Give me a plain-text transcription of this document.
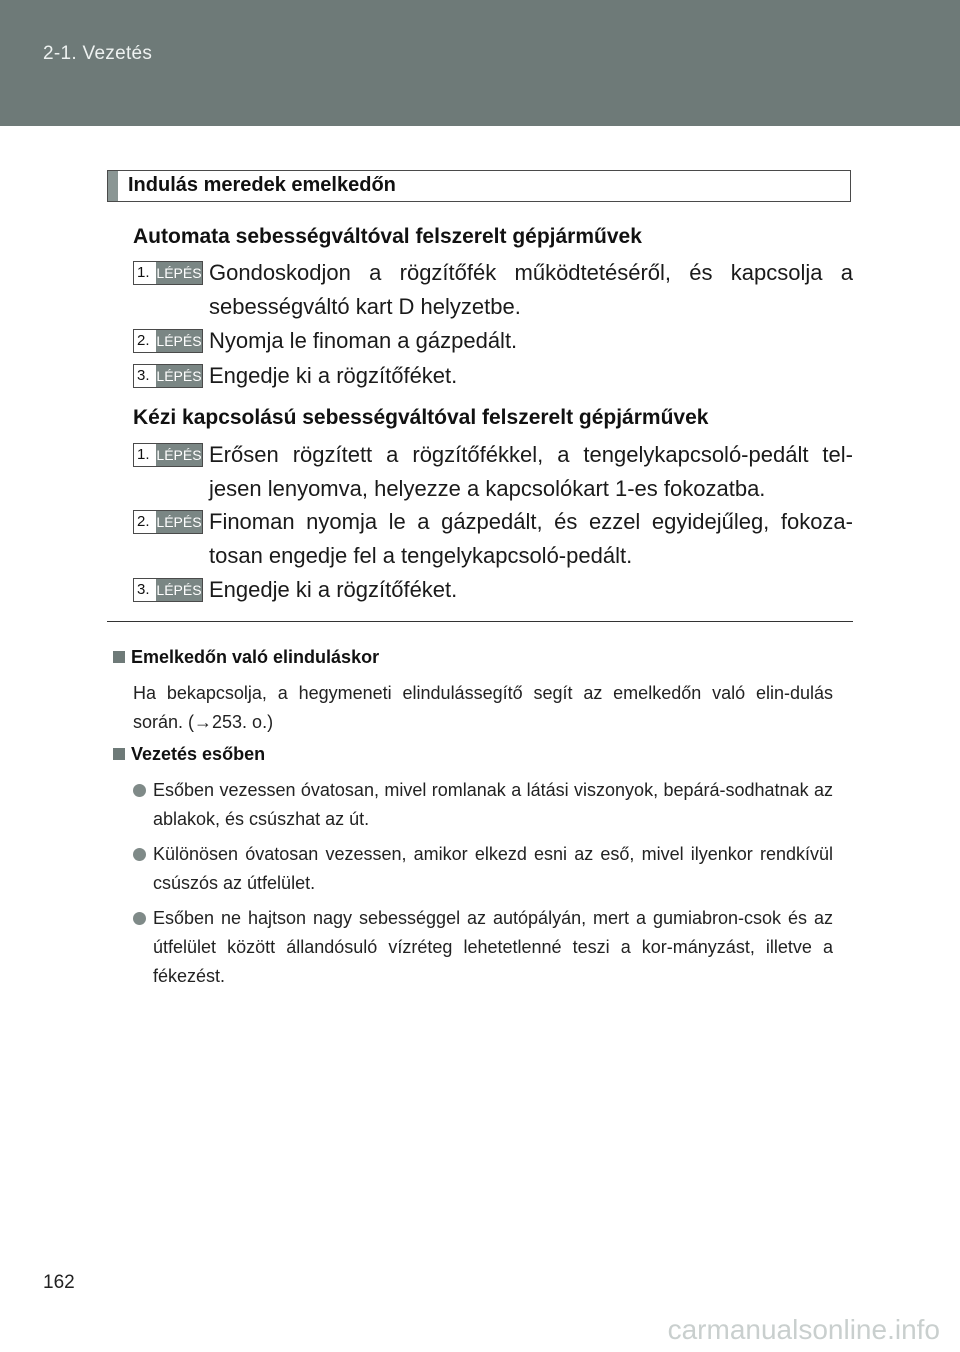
2-1. Vezetés
Indulás meredek emelkedőn
Automata sebességváltóval felszerelt gépjárművek
1. LÉPÉS Gondoskodjon a rögzítőfék működtetéséről, és kapcsolja a sebességváltó kart D helyzetbe.
2. LÉPÉS Nyomja le finoman a gázpedált.
3. LÉPÉS Engedje ki a rögzítőféket.
Kézi kapcsolású sebességváltóval felszerelt gépjárművek
1. LÉPÉS Erősen rögzített a rögzítőfékkel, a tengelykapcsoló-pedált tel-jesen lenyomva, helyezze a kapcsolókart 1-es fokozatba.
2. LÉPÉS Finoman nyomja le a gázpedált, és ezzel egyidejűleg, fokoza-tosan engedje fel a tengelykapcsoló-pedált.
3. LÉPÉS Engedje ki a rögzítőféket.
Emelkedőn való elinduláskor
Ha bekapcsolja, a hegymeneti elindulássegítő segít az emelkedőn való elin-dulás során. (→253. o.)
Vezetés esőben
Esőben vezessen óvatosan, mivel romlanak a látási viszonyok, bepárá-sodhatnak az ablakok, és csúszhat az út.
Különösen óvatosan vezessen, amikor elkezd esni az eső, mivel ilyenkor rendkívül csúszós az útfelület.
Esőben ne hajtson nagy sebességgel az autópályán, mert a gumiabron-csok és az útfelület között állandósuló vízréteg lehetetlenné teszi a kor-mányzást, illetve a fékezést.
162
carmanualsonline.info
